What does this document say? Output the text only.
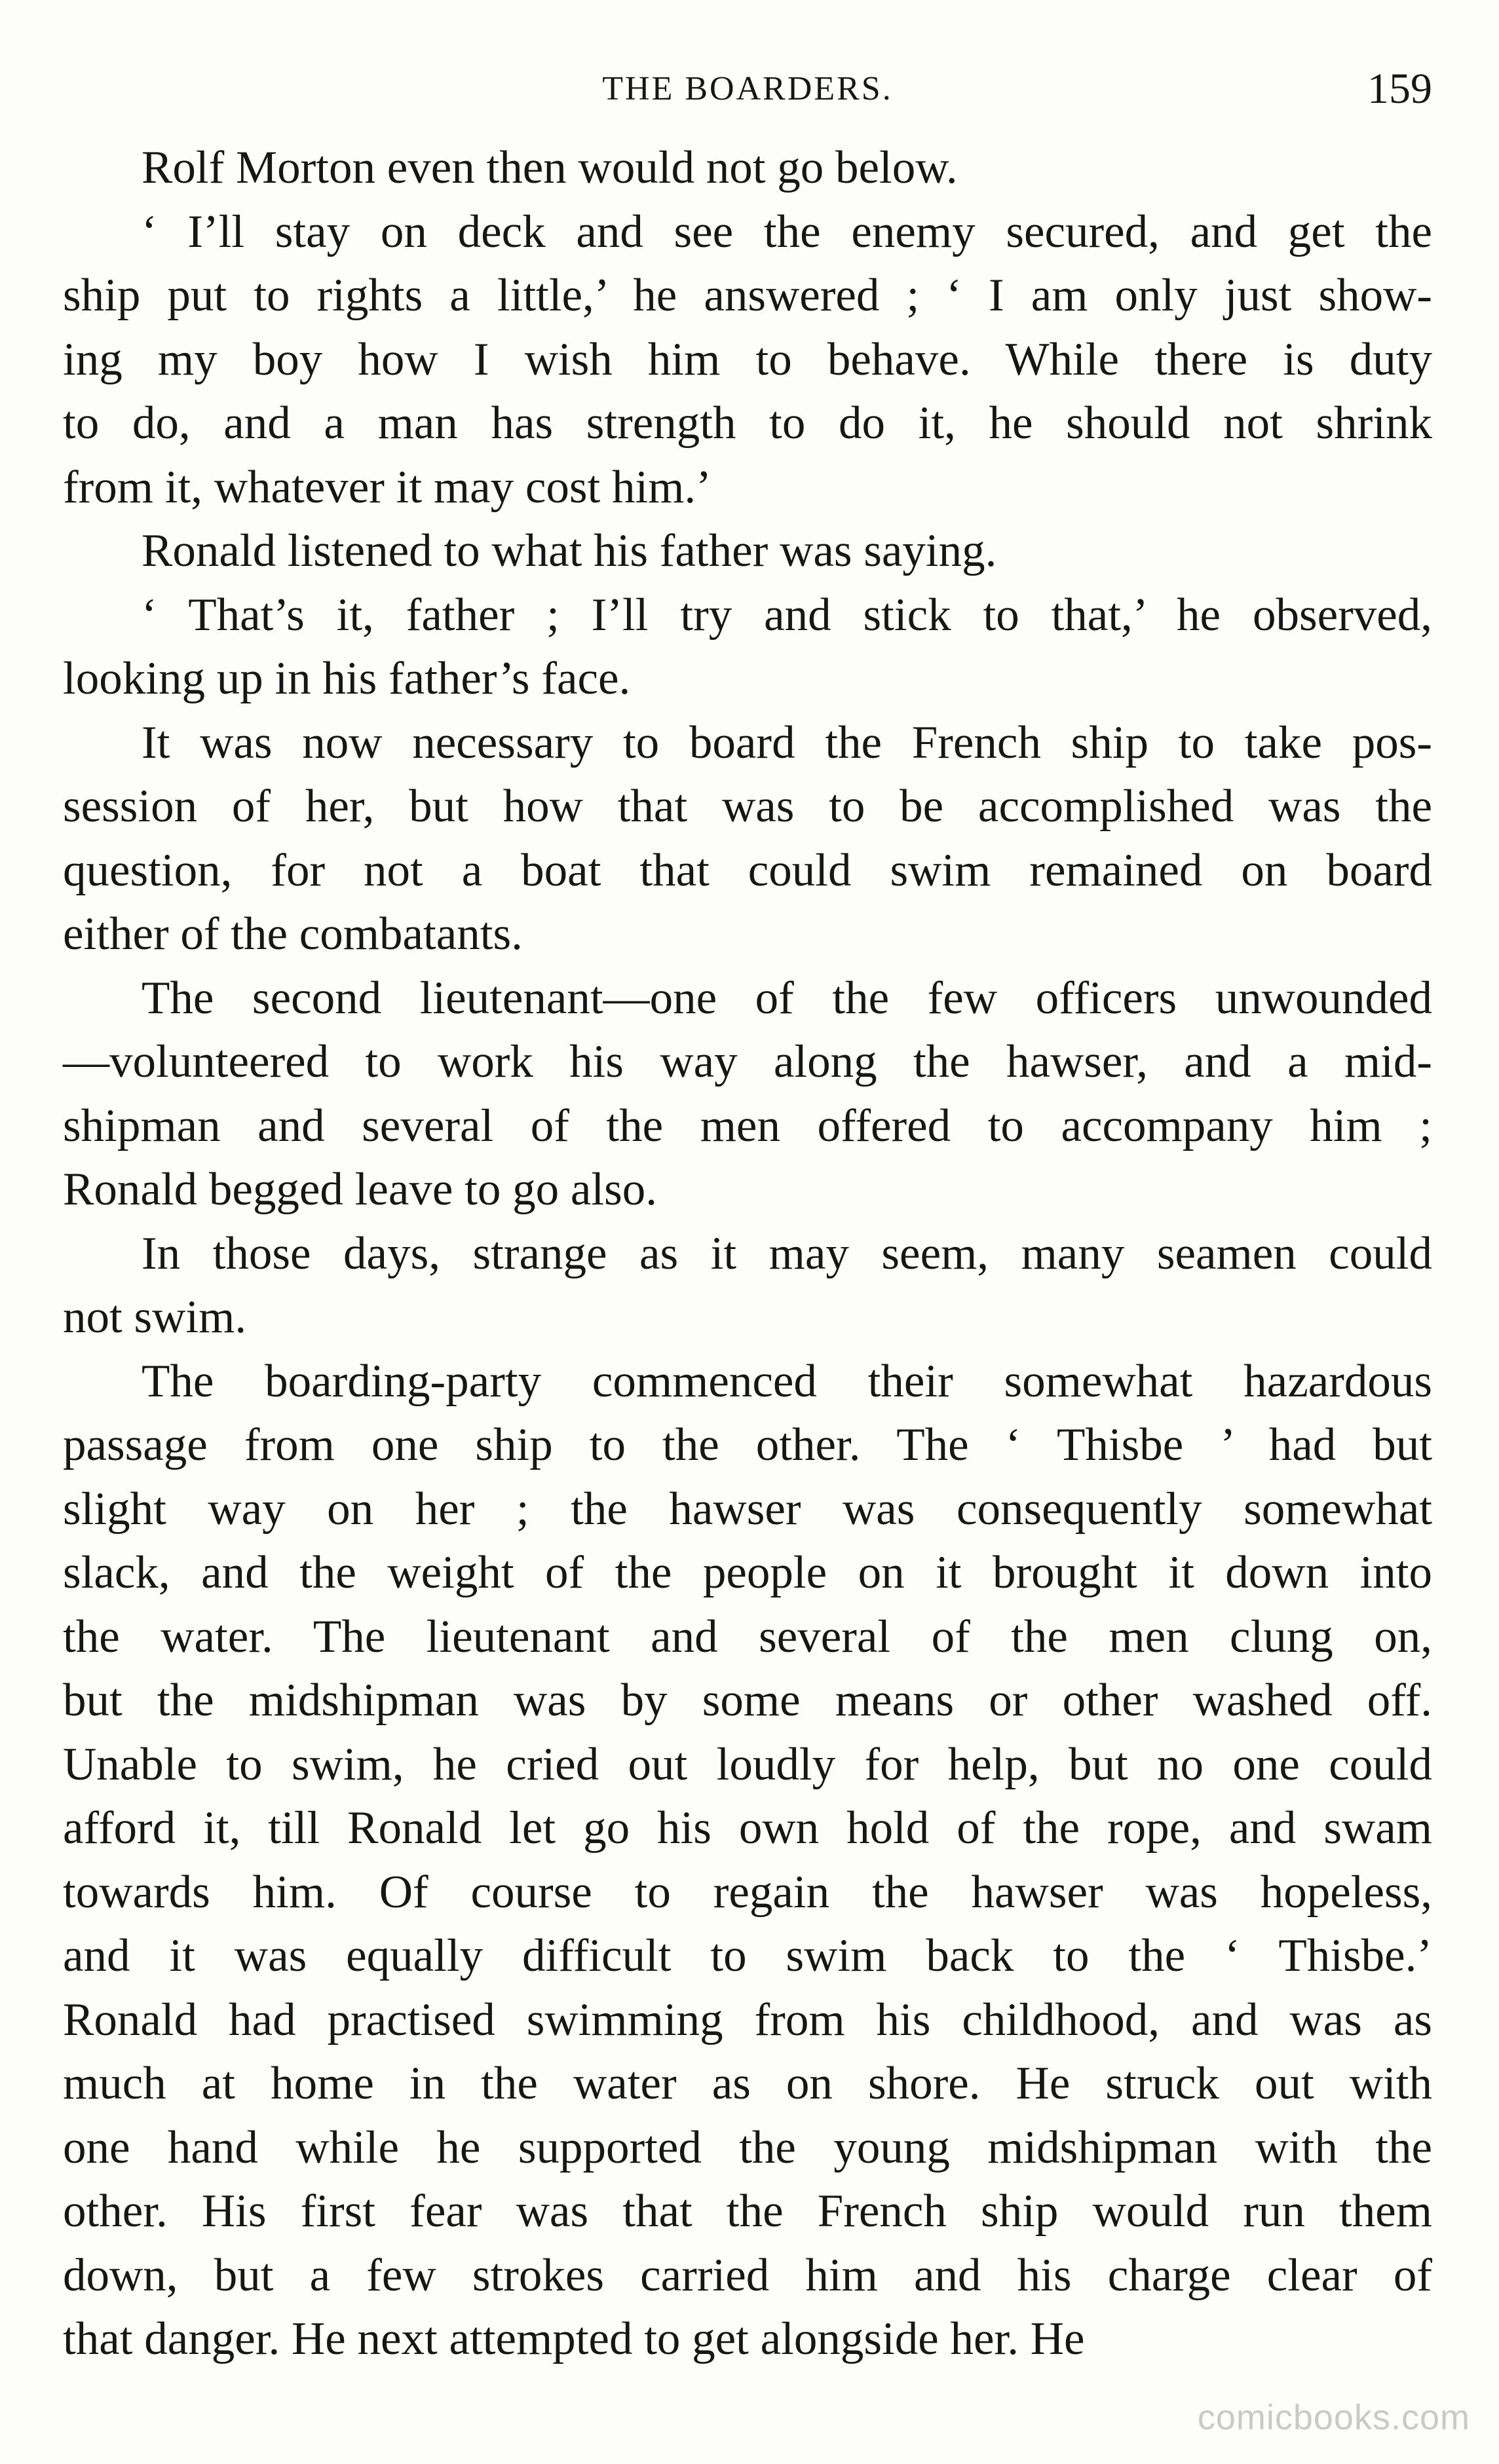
THE BOARDERS.	159

Rolf Morton even then would not go below.

‘ I’ll stay on deck and see the enemy secured, and get the
ship put to rights a little,’ he answered ; ‘ I am only just show-
ing my boy how I wish him to behave. While there is duty
to do, and a man has strength to do it, he should not shrink
from it, whatever it may cost him.’

Ronald listened to what his father was saying.

‘ That’s it, father ; I’ll try and stick to that,’ he observed,
looking up in his father’s face.

It was now necessary to board the French ship to take pos-
session of her, but how that was to be accomplished was the
question, for not a boat that could swim remained on board
either of the combatants.

The second lieutenant—one of the few officers unwounded
—volunteered to work his way along the hawser, and a mid-
shipman and several of the men offered to accompany him ;
Ronald begged leave to go also.

In those days, strange as it may seem, many seamen could
not swim.

The boarding-party commenced their somewhat hazardous
passage from one ship to the other. The ‘ Thisbe ’ had but
slight way on her ; the hawser was consequently somewhat
slack, and the weight of the people on it brought it down into
the water. The lieutenant and several of the men clung on,
but the midshipman was by some means or other washed off.
Unable to swim, he cried out loudly for help, but no one could
afford it, till Ronald let go his own hold of the rope, and swam
towards him. Of course to regain the hawser was hopeless,
and it was equally difficult to swim back to the ‘ Thisbe.’
Ronald had practised swimming from his childhood, and was as
much at home in the water as on shore. He struck out with
one hand while he supported the young midshipman with the
other. His first fear was that the French ship would run them
down, but a few strokes carried him and his charge clear of
that danger. He next attempted to get alongside her. He

comicbooks.com
